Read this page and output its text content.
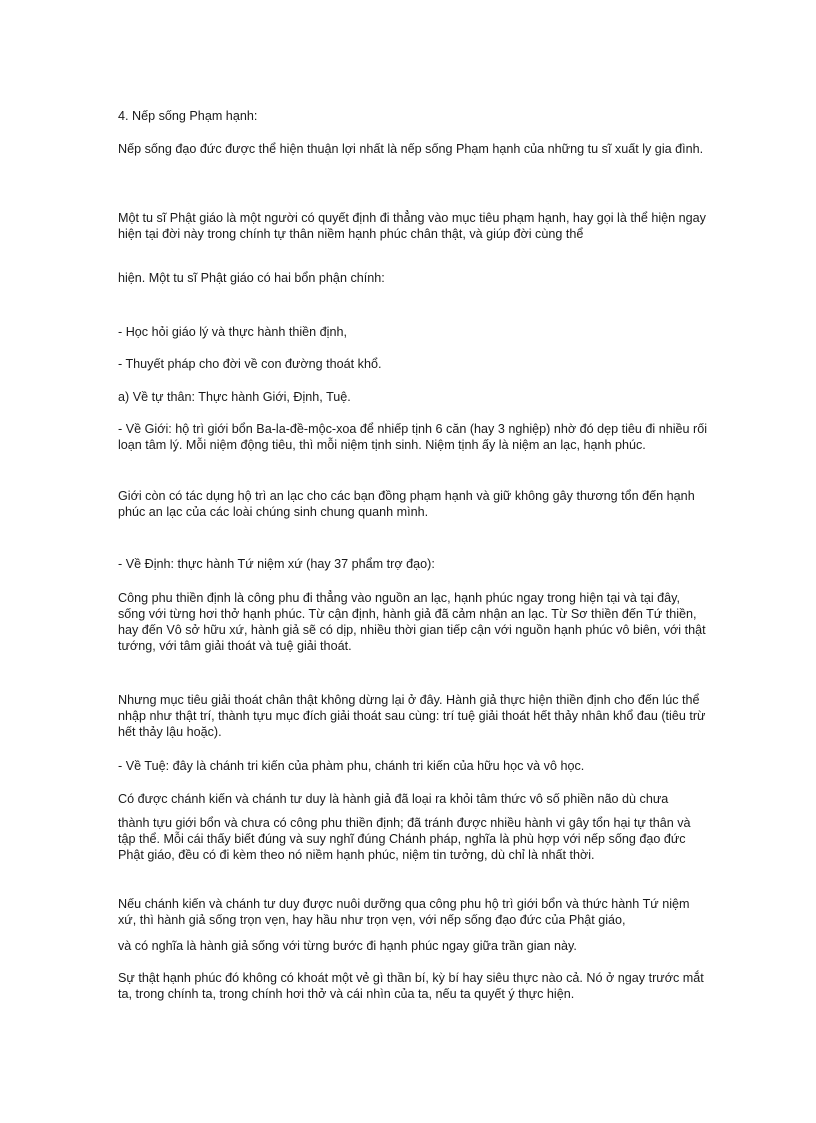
4. Nếp sống Phạm hạnh:

Nếp sống đạo đức được thể hiện thuận lợi nhất là nếp sống Phạm hạnh của những tu sĩ xuất ly gia đình.

Một tu sĩ Phật giáo là một người có quyết định đi thẳng vào mục tiêu phạm hạnh, hay gọi là thể hiện ngay hiện tại đời này trong chính tự thân niềm hạnh phúc chân thật, và giúp đời cùng thể

hiện. Một tu sĩ Phật giáo có hai bổn phận chính:

- Học hỏi giáo lý và thực hành thiền định,

- Thuyết pháp cho đời về con đường thoát khổ.

a) Về tự thân: Thực hành Giới, Định, Tuệ.

- Về Giới: hộ trì giới bổn Ba-la-đề-mộc-xoa để nhiếp tịnh 6 căn (hay 3 nghiệp) nhờ đó dẹp tiêu đi nhiều rối loạn tâm lý. Mỗi niệm động tiêu, thì mỗi niệm tịnh sinh. Niệm tịnh ấy là niệm an lạc, hạnh phúc.

Giới còn có tác dụng hộ trì an lạc cho các bạn đồng phạm hạnh và giữ không gây thương tổn đến hạnh phúc an lạc của các loài chúng sinh chung quanh mình.

- Về Định: thực hành Tứ niệm xứ (hay 37 phẩm trợ đạo):

Công phu thiền định là công phu đi thẳng vào nguồn an lạc, hạnh phúc ngay trong hiện tại và tại đây, sống với từng hơi thở hạnh phúc. Từ cận định, hành giả đã cảm nhận an lạc. Từ Sơ thiền đến Tứ thiền, hay đến Vô sở hữu xứ, hành giả sẽ có dịp, nhiều thời gian tiếp cận với nguồn hạnh phúc vô biên, với thật tướng, với tâm giải thoát và tuệ giải thoát.

Nhưng mục tiêu giải thoát chân thật không dừng lại ở đây. Hành giả thực hiện thiền định cho đến lúc thể nhập như thật trí, thành tựu mục đích giải thoát sau cùng: trí tuệ giải thoát hết thảy nhân khổ đau (tiêu trừ hết thảy lậu hoặc).

- Về Tuệ: đây là chánh tri kiến của phàm phu, chánh tri kiến của hữu học và vô học.

Có được chánh kiến và chánh tư duy là hành giả đã loại ra khỏi tâm thức vô số phiền não dù chưa

thành tựu giới bổn và chưa có công phu thiền định; đã tránh được nhiều hành vi gây tổn hại tự thân và tập thể. Mỗi cái thấy biết đúng và suy nghĩ đúng Chánh pháp, nghĩa là phù hợp với nếp sống đạo đức Phật giáo, đều có đi kèm theo nó niềm hạnh phúc, niệm tin tưởng, dù chỉ là nhất thời.

Nếu chánh kiến và chánh tư duy được nuôi dưỡng qua công phu hộ trì giới bổn và thức hành Tứ niệm xứ, thì hành giả sống trọn vẹn, hay hầu như trọn vẹn, với nếp sống đạo đức của Phật giáo,

và có nghĩa là hành giả sống với từng bước đi hạnh phúc ngay giữa trần gian này.

Sự thật hạnh phúc đó không có khoát một vẻ gì thần bí, kỳ bí hay siêu thực nào cả. Nó ở ngay trước mắt ta, trong chính ta, trong chính hơi thở và cái nhìn của ta, nếu ta quyết ý thực hiện.
